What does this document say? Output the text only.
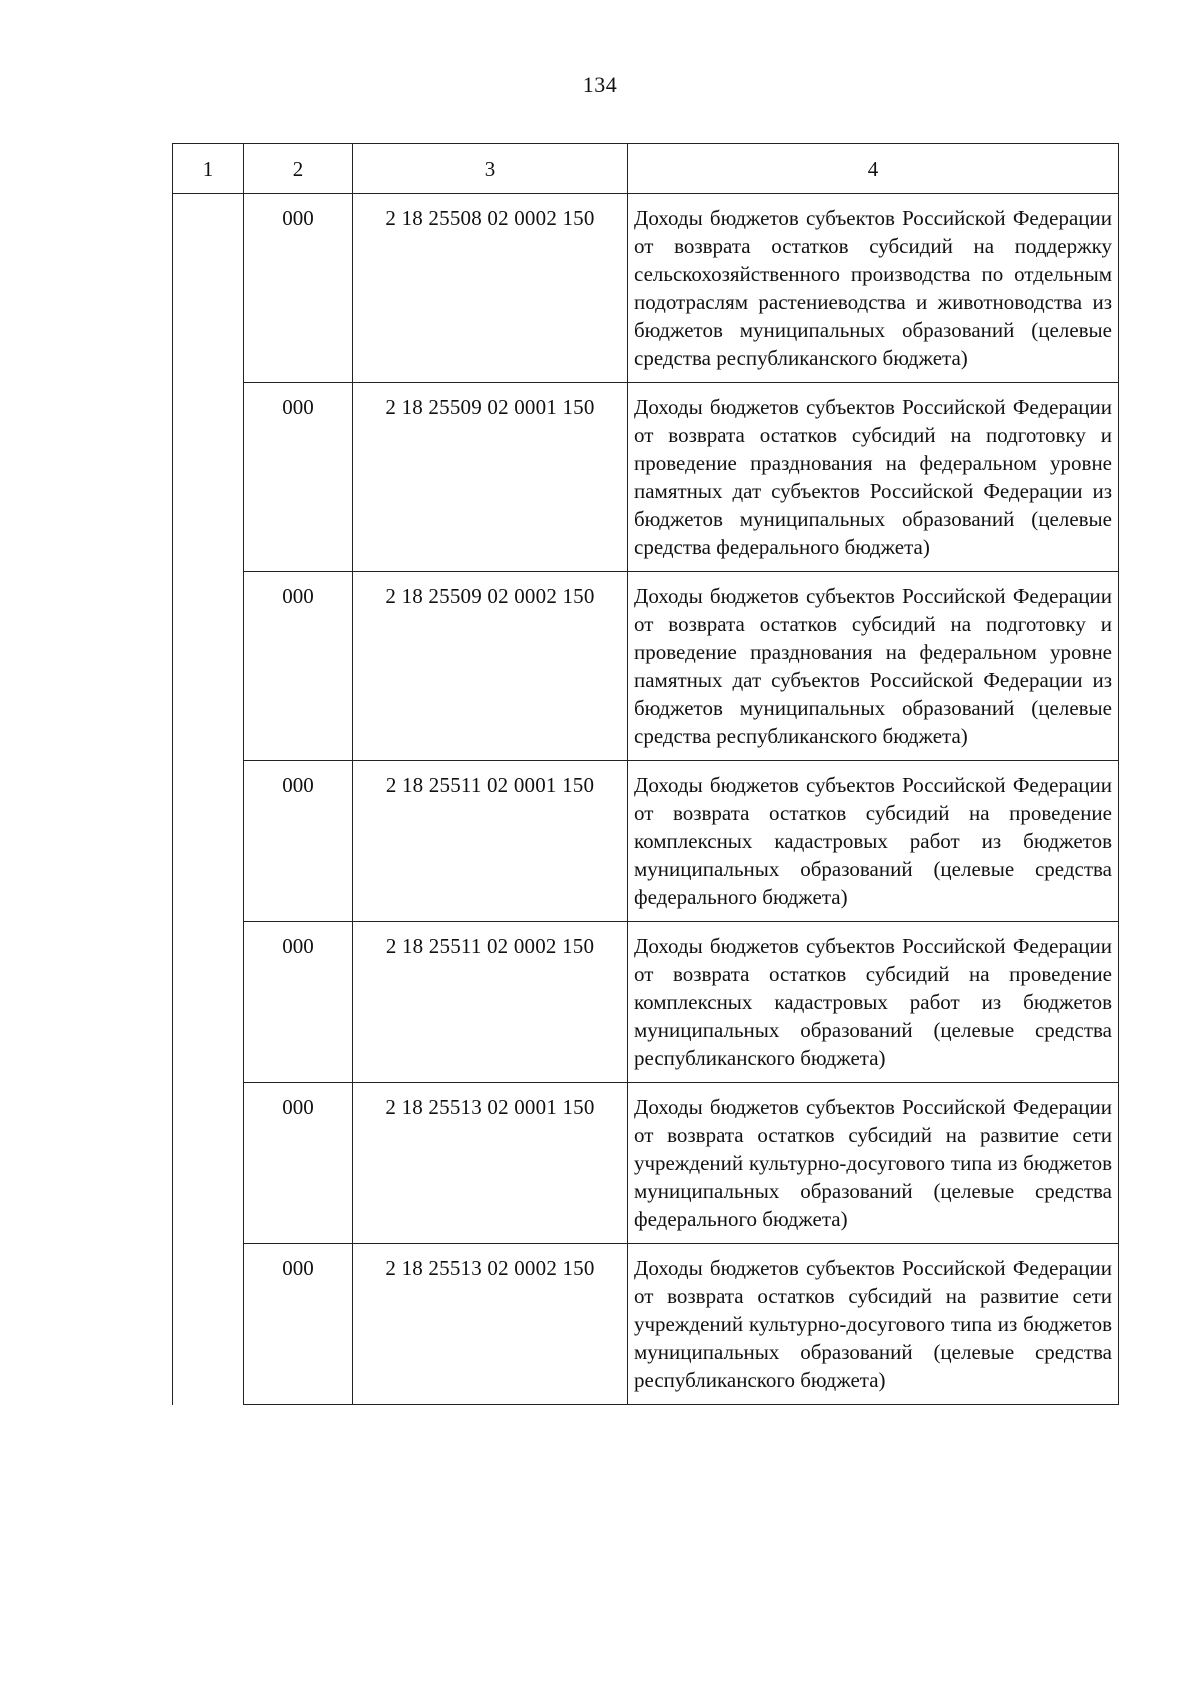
134
1	2	3	4
	000	2 18 25508 02 0002 150	Доходы бюджетов субъектов Российской Федерации от возврата остатков субсидий на поддержку сельскохозяйственного производства по отдельным подотраслям растениеводства и животноводства из бюджетов муниципальных образований (целевые средства республиканского бюджета)
	000	2 18 25509 02 0001 150	Доходы бюджетов субъектов Российской Федерации от возврата остатков субсидий на подготовку и проведение празднования на федеральном уровне памятных дат субъектов Российской Федерации из бюджетов муниципальных образований (целевые средства федерального бюджета)
	000	2 18 25509 02 0002 150	Доходы бюджетов субъектов Российской Федерации от возврата остатков субсидий на подготовку и проведение празднования на федеральном уровне памятных дат субъектов Российской Федерации из бюджетов муниципальных образований (целевые средства республиканского бюджета)
	000	2 18 25511 02 0001 150	Доходы бюджетов субъектов Российской Федерации от возврата остатков субсидий на проведение комплексных кадастровых работ из бюджетов муниципальных образований (целевые средства федерального бюджета)
	000	2 18 25511 02 0002 150	Доходы бюджетов субъектов Российской Федерации от возврата остатков субсидий на проведение комплексных кадастровых работ из бюджетов муниципальных образований (целевые средства республиканского бюджета)
	000	2 18 25513 02 0001 150	Доходы бюджетов субъектов Российской Федерации от возврата остатков субсидий на развитие сети учреждений культурно-досугового типа из бюджетов муниципальных образований (целевые средства федерального бюджета)
	000	2 18 25513 02 0002 150	Доходы бюджетов субъектов Российской Федерации от возврата остатков субсидий на развитие сети учреждений культурно-досугового типа из бюджетов муниципальных образований (целевые средства республиканского бюджета)
